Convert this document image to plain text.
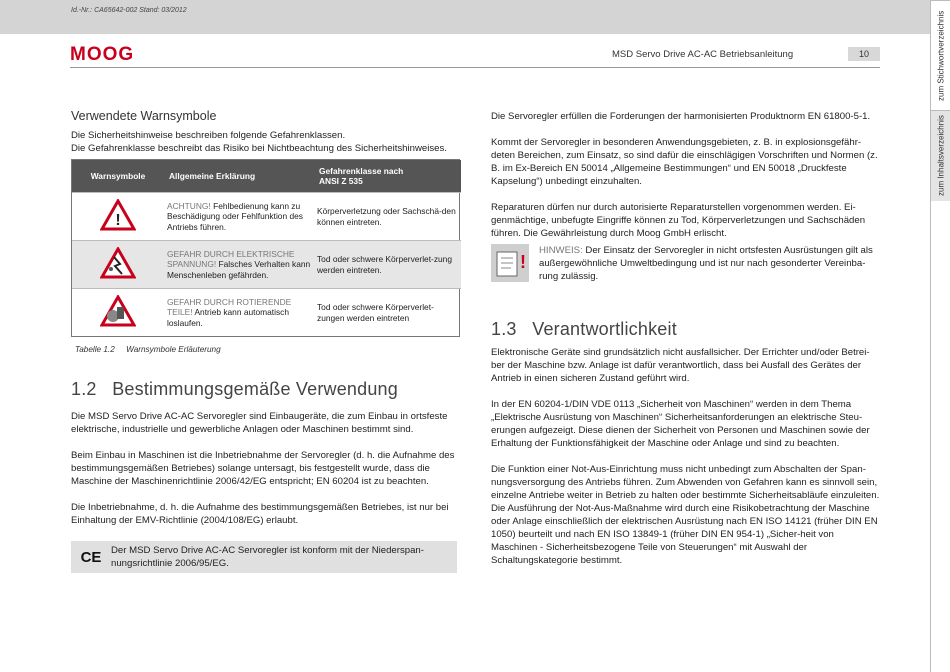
Id.-Nr.: CA65642-002 Stand: 03/2012
MOOG	MSD Servo Drive AC-AC Betriebsanleitung	10	zum Stichwortverzeichnis
zum Inhaltsverzeichnis

Verwendete Warnsymbole

Die Sicherheitshinweise beschreiben folgende Gefahrenklassen.

Die Gefahrenklasse beschreibt das Risiko bei Nichtbeachtung des Sicherheitshinweises.

Warnsymbole	Allgemeine Erklärung	Gefahrenklasse nach
ANSI Z 535

!	ACHTUNG! Fehlbedienung kann zu Beschädigung oder Fehlfunktion des Antriebs führen.	Körperverletzung oder Sachschä-den können eintreten.
	GEFAHR DURCH ELEKTRISCHE SPANNUNG! Falsches Verhalten kann Menschenleben gefährden.	Tod oder schwere Körperverlet-zung werden eintreten.
	GEFAHR DURCH ROTIERENDE TEILE! Antrieb kann automatisch loslaufen.	Tod oder schwere Körperverlet-zungen werden eintreten

Tabelle 1.2     Warnsymbole Erläuterung

1.2   Bestimmungsgemäße Verwendung

Die MSD Servo Drive AC-AC Servoregler sind Einbaugeräte, die zum Einbau in ortsfeste elektrische, industrielle und gewerbliche Anlagen oder Maschinen bestimmt sind.

Beim Einbau in Maschinen ist die Inbetriebnahme der Servoregler (d. h. die Aufnahme des bestimmungsgemäßen Betriebes) solange untersagt, bis festgestellt wurde, dass die Maschine der Maschinenrichtlinie 2006/42/EG entspricht; EN 60204 ist zu beachten.

Die Inbetriebnahme, d. h. die Aufnahme des bestimmungsgemäßen Betriebes, ist nur bei Einhaltung der EMV-Richtlinie (2004/108/EG) erlaubt.

CE Der MSD Servo Drive AC-AC Servoregler ist konform mit der Niederspan-nungsrichtlinie 2006/95/EG.

Die Servoregler erfüllen die Forderungen der harmonisierten Produktnorm EN 61800-5-1.

Kommt der Servoregler in besonderen Anwendungsgebieten, z. B. in explosionsgefähr-deten Bereichen, zum Einsatz, so sind dafür die einschlägigen Vorschriften und Normen (z. B. im Ex-Bereich EN 50014 „Allgemeine Bestimmungen“ und EN 50018 „Druckfeste Kapselung“) unbedingt einzuhalten.

Reparaturen dürfen nur durch autorisierte Reparaturstellen vorgenommen werden. Ei-genmächtige, unbefugte Eingriffe können zu Tod, Körperverletzungen und Sachschäden führen. Die Gewährleistung durch Moog GmbH erlischt.

!

HINWEIS: Der Einsatz der Servoregler in nicht ortsfesten Ausrüstungen gilt als außergewöhnliche Umweltbedingung und ist nur nach gesonderter Vereinba-rung zulässig.

1.3   Verantwortlichkeit

Elektronische Geräte sind grundsätzlich nicht ausfallsicher. Der Errichter und/oder Betrei-ber der Maschine bzw. Anlage ist dafür verantwortlich, dass bei Ausfall des Gerätes der Antrieb in einen sicheren Zustand geführt wird.

In der EN 60204-1/DIN VDE 0113 „Sicherheit von Maschinen“ werden in dem Thema „Elektrische Ausrüstung von Maschinen“ Sicherheitsanforderungen an elektrische Steu-erungen aufgezeigt. Diese dienen der Sicherheit von Personen und Maschinen sowie der Erhaltung der Funktionsfähigkeit der Maschine oder Anlage und sind zu beachten.

Die Funktion einer Not-Aus-Einrichtung muss nicht unbedingt zum Abschalten der Span-nungsversorgung des Antriebs führen. Zum Abwenden von Gefahren kann es sinnvoll sein, einzelne Antriebe weiter in Betrieb zu halten oder bestimmte Sicherheitsabläufe einzuleiten. Die Ausführung der Not-Aus-Maßnahme wird durch eine Risikobetrachtung der Maschine oder Anlage einschließlich der elektrischen Ausrüstung nach EN ISO 14121 (früher DIN EN 1050) beurteilt und nach EN ISO 13849-1 (früher DIN EN 954-1) „Sicher-heit von Maschinen - Sicherheitsbezogene Teile von Steuerungen“ mit Auswahl der Schaltungskategorie bestimmt.
